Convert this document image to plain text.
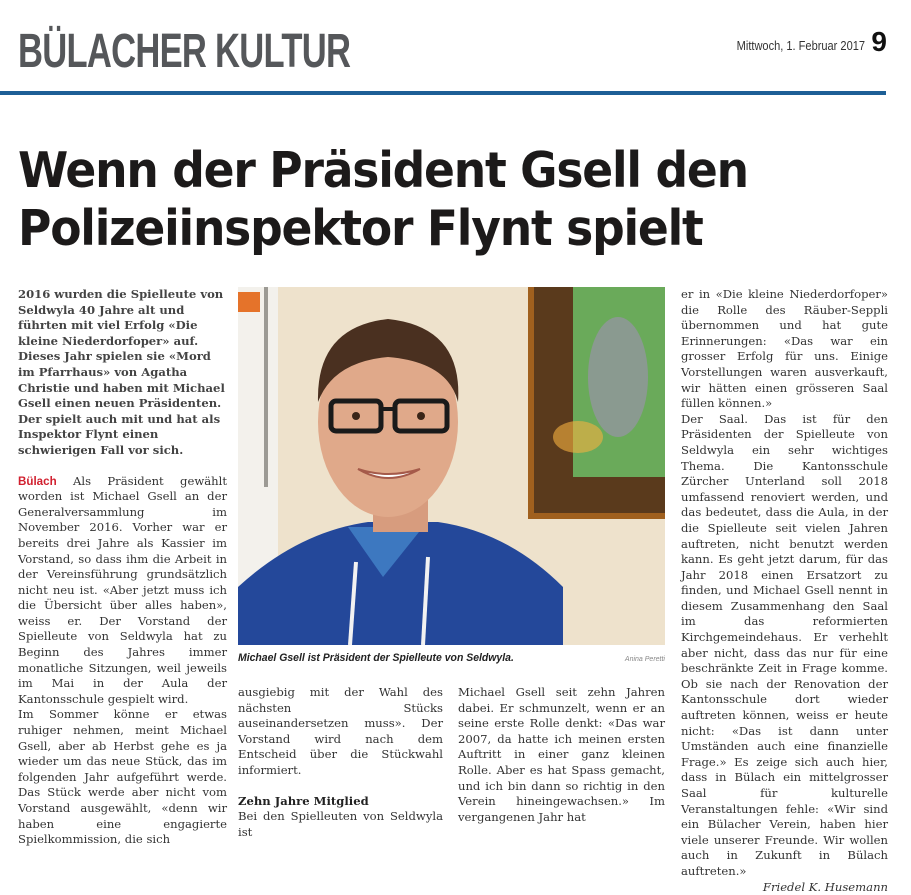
BÜLACHER KULTUR	Mittwoch, 1. Februar 2017 9
Wenn der Präsident Gsell den Polizeiinspektor Flynt spielt

2016 wurden die Spielleute von Seldwyla 40 Jahre alt und führten mit viel Erfolg «Die kleine Niederdorfoper» auf. Dieses Jahr spielen sie «Mord im Pfarrhaus» von Agatha Christie und haben mit Michael Gsell einen neuen Präsidenten. Der spielt auch mit und hat als Inspektor Flynt einen schwierigen Fall vor sich.

Bülach Als Präsident gewählt worden ist Michael Gsell an der Generalversammlung im November 2016. Vorher war er bereits drei Jahre als Kassier im Vorstand, so dass ihm die Arbeit in der Vereinsführung grundsätzlich nicht neu ist. «Aber jetzt muss ich die Übersicht über alles haben», weiss er. Der Vorstand der Spielleute von Seldwyla hat zu Beginn des Jahres immer monatliche Sitzungen, weil jeweils im Mai in der Aula der Kantonsschule gespielt wird.

Im Sommer könne er etwas ruhiger nehmen, meint Michael Gsell, aber ab Herbst gehe es ja wieder um das neue Stück, das im folgenden Jahr aufgeführt werde. Das Stück werde aber nicht vom Vorstand ausgewählt, «denn wir haben eine engagierte Spielkommission, die sich

Michael Gsell ist Präsident der Spielleute von Seldwyla.	Anina Peretti

ausgiebig mit der Wahl des nächsten Stücks auseinandersetzen muss». Der Vorstand wird nach dem Entscheid über die Stückwahl informiert.

Zehn Jahre Mitglied

Bei den Spielleuten von Seldwyla ist

Michael Gsell seit zehn Jahren dabei. Er schmunzelt, wenn er an seine erste Rolle denkt: «Das war 2007, da hatte ich meinen ersten Auftritt in einer ganz kleinen Rolle. Aber es hat Spass gemacht, und ich bin dann so richtig in den Verein hineingewachsen.» Im vergangenen Jahr hat

er in «Die kleine Niederdorfoper» die Rolle des Räuber-Seppli übernommen und hat gute Erinnerungen: «Das war ein grosser Erfolg für uns. Einige Vorstellungen waren ausverkauft, wir hätten einen grösseren Saal füllen können.»

Der Saal. Das ist für den Präsidenten der Spielleute von Seldwyla ein sehr wichtiges Thema. Die Kantonsschule Zürcher Unterland soll 2018 umfassend renoviert werden, und das bedeutet, dass die Aula, in der die Spielleute seit vielen Jahren auftreten, nicht benutzt werden kann. Es geht jetzt darum, für das Jahr 2018 einen Ersatzort zu finden, und Michael Gsell nennt in diesem Zusammenhang den Saal im das reformierten Kirchgemeindehaus. Er verhehlt aber nicht, dass das nur für eine beschränkte Zeit in Frage komme. Ob sie nach der Renovation der Kantonsschule dort wieder auftreten können, weiss er heute nicht: «Das ist dann unter Umständen auch eine finanzielle Frage.» Es zeige sich auch hier, dass in Bülach ein mittelgrosser Saal für kulturelle Veranstaltungen fehle: «Wir sind ein Bülacher Verein, haben hier viele unserer Freunde. Wir wollen auch in Zukunft in Bülach auftreten.»

Friedel K. Husemann
